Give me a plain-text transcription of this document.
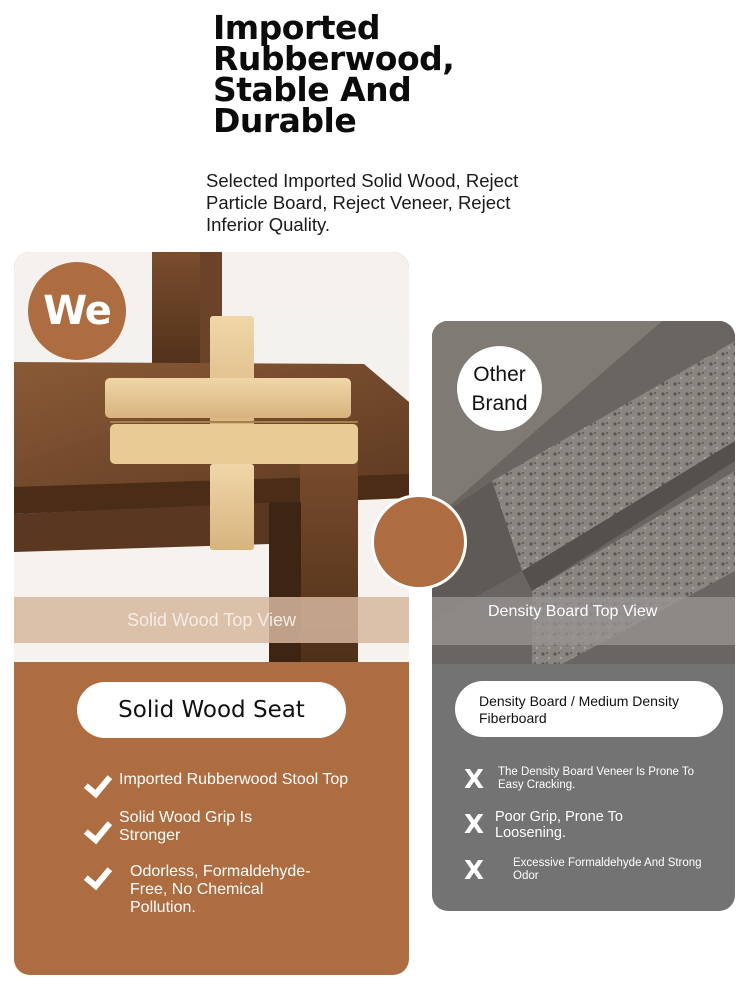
Imported
Rubberwood,
Stable And
Durable
Selected Imported Solid Wood, Reject Particle Board, Reject Veneer, Reject Inferior Quality.
We
Solid Wood Top View
Solid Wood Seat
Imported Rubberwood Stool Top
Solid Wood Grip Is Stronger
Odorless, Formaldehyde-Free, No Chemical Pollution.
Other Brand
Density Board Top View
Density Board / Medium Density Fiberboard
X The Density Board Veneer Is Prone To Easy Cracking.
X Poor Grip, Prone To Loosening.
X	Excessive Formaldehyde And Strong Odor
